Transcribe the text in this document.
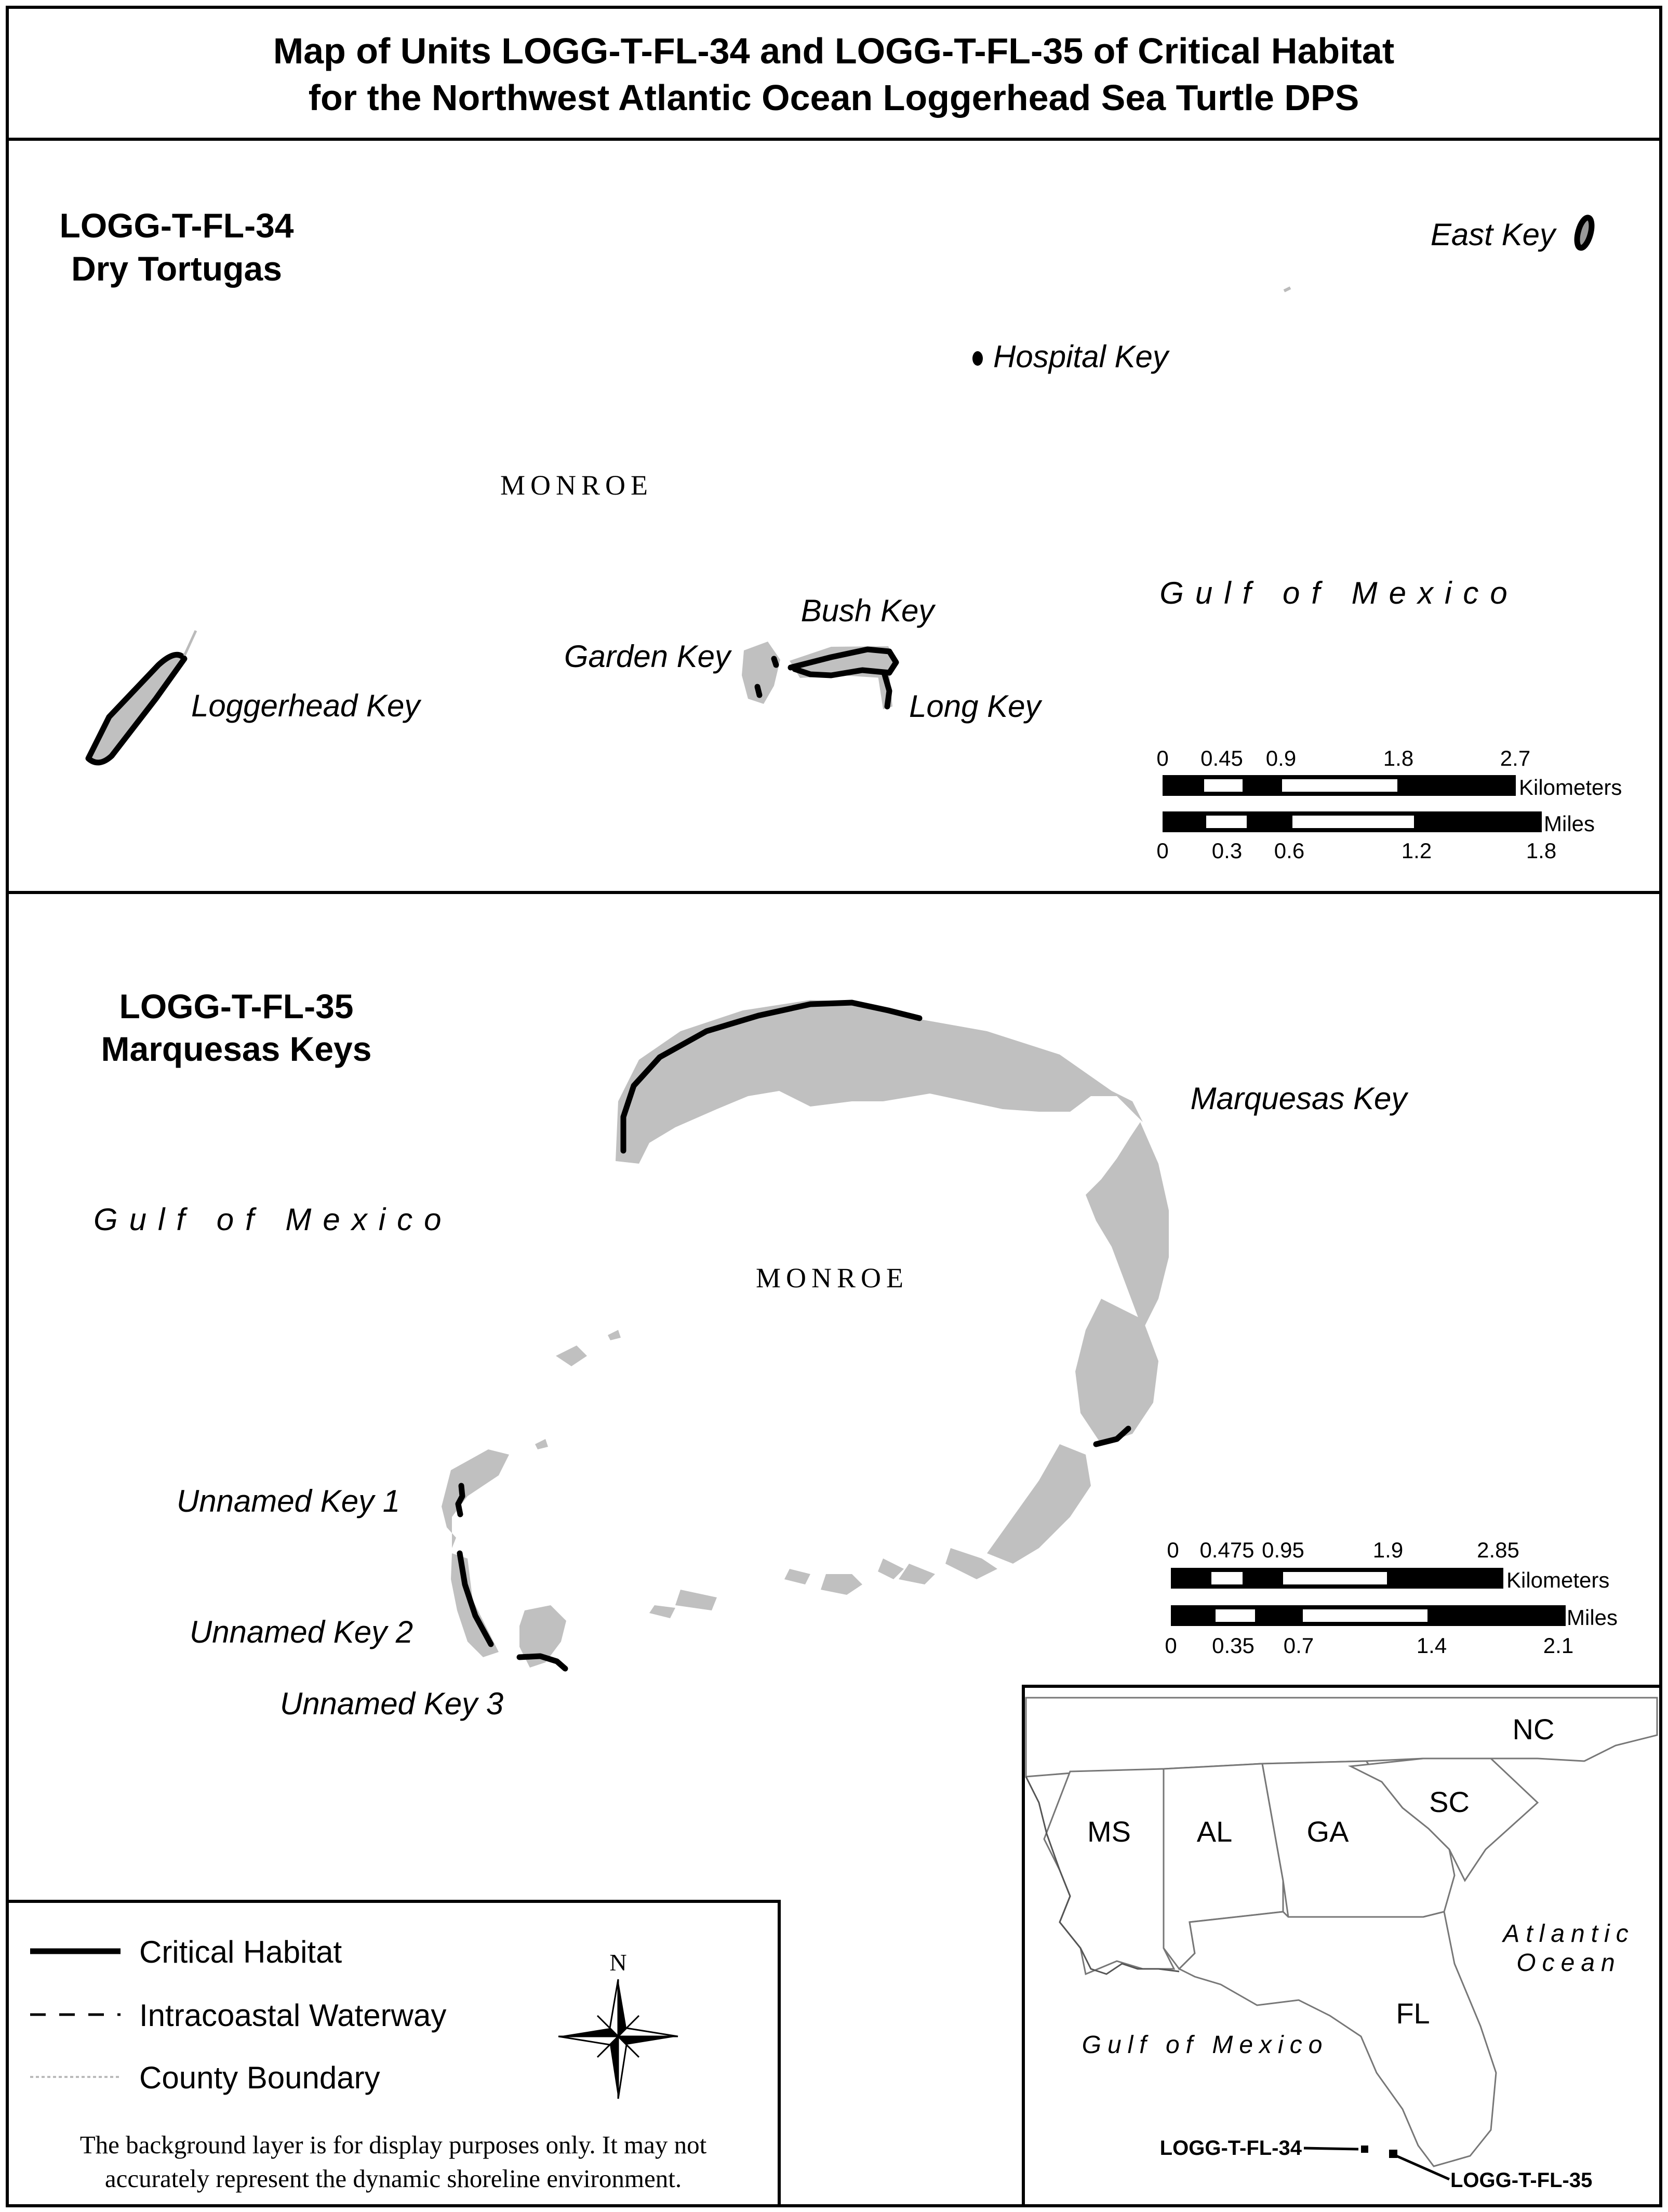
Map of Units LOGG-T-FL-34 and LOGG-T-FL-35 of Critical Habitat
for the Northwest Atlantic Ocean Loggerhead Sea Turtle DPS
LOGG-T-FL-34
Dry Tortugas
MONROE
Gulf of Mexico
East Key
Hospital Key
Loggerhead Key
Bush Key
Garden Key
Long Key
0 0.45 0.9	1.8	2.7
Kilometers
Miles
0 0.3 0.6	1.2	1.8
LOGG-T-FL-35
Marquesas Keys
Gulf of Mexico
MONROE
Marquesas Key
Unnamed Key 1
Unnamed Key 2
Unnamed Key 3
0 0.475 0.95	1.9	2.85
Kilometers
Miles
0 0.35 0.7	1.4	2.1
Critical Habitat
Intracoastal Waterway
County Boundary
N
The background layer is for display purposes only. It may not
accurately represent the dynamic shoreline environment.
NC
MS AL	GA
SC
FL
Atlantic
Ocean
Gulf of Mexico
LOGG-T-FL-34
LOGG-T-FL-35
